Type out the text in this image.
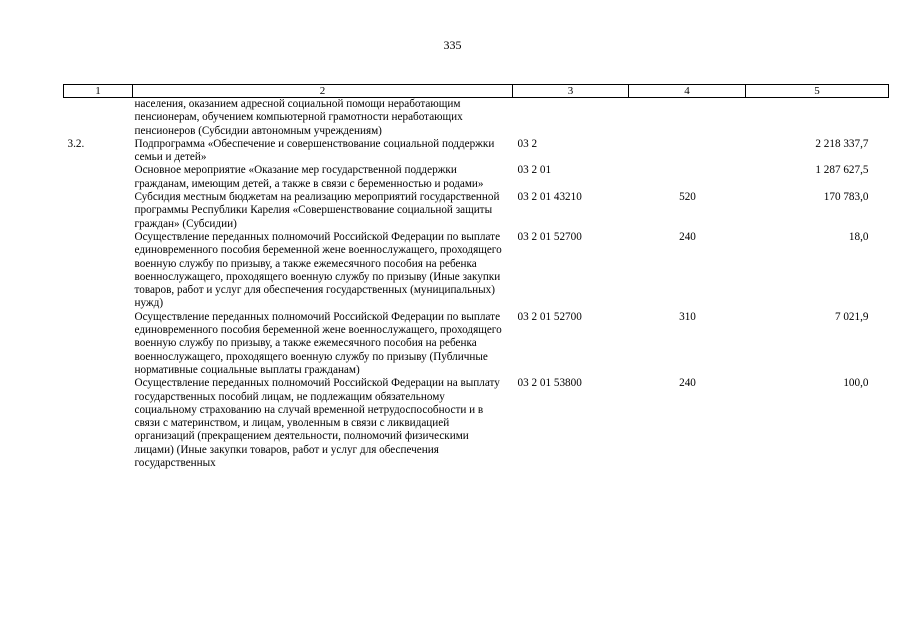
335
1	2	3	4	5
	населения, оказанием адресной социальной помощи неработающим пенсионерам, обучением компьютерной грамотности неработающих пенсионеров (Субсидии автономным учреждениям)			
3.2.	Подпрограмма «Обеспечение и совершенствование социальной поддержки семьи и детей»	03 2		2 218 337,7
	Основное мероприятие «Оказание мер государственной поддержки гражданам, имеющим детей, а также в связи с беременностью и родами»	03 2 01		1 287 627,5
	Субсидия местным бюджетам на реализацию мероприятий государственной программы Республики Карелия «Совершенствование социальной защиты граждан» (Субсидии)	03 2 01 43210	520	170 783,0
	Осуществление переданных полномочий Российской Федерации по выплате единовременного пособия беременной жене военнослужащего, проходящего военную службу по призыву, а также ежемесячного пособия на ребенка военнослужащего, проходящего военную службу по призыву (Иные закупки товаров, работ и услуг для обеспечения государственных (муниципальных) нужд)	03 2 01 52700	240	18,0
	Осуществление переданных полномочий Российской Федерации по выплате единовременного пособия беременной жене военнослужащего, проходящего военную службу по призыву, а также ежемесячного пособия на ребенка военнослужащего, проходящего военную службу по призыву (Публичные нормативные социальные выплаты гражданам)	03 2 01 52700	310	7 021,9
	Осуществление переданных полномочий Российской Федерации на выплату государственных пособий лицам, не подлежащим обязательному социальному страхованию на случай временной нетрудоспособности и в связи с материнством, и лицам, уволенным в связи с ликвидацией организаций (прекращением деятельности, полномочий физическими лицами) (Иные закупки товаров, работ и услуг для обеспечения государственных	03 2 01 53800	240	100,0
